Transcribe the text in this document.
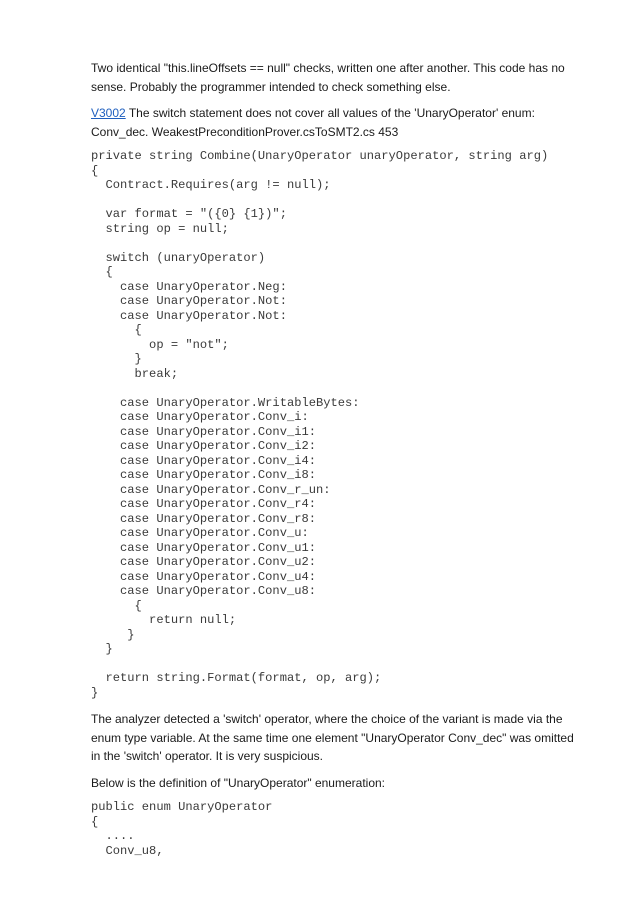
Two identical "this.lineOffsets == null" checks, written one after another. This code has no sense. Probably the programmer intended to check something else.

V3002 The switch statement does not cover all values of the 'UnaryOperator' enum: Conv_dec. WeakestPreconditionProver.csToSMT2.cs 453

private string Combine(UnaryOperator unaryOperator, string arg)
{
Contract.Requires(arg != null);
var format = "({0} {1})";
string op = null;
switch (unaryOperator)
{
case UnaryOperator.Neg:
case UnaryOperator.Not:
case UnaryOperator.Not:
{
op = "not";
}
break;
case UnaryOperator.WritableBytes:
case UnaryOperator.Conv_i:
case UnaryOperator.Conv_i1:
case UnaryOperator.Conv_i2:
case UnaryOperator.Conv_i4:
case UnaryOperator.Conv_i8:
case UnaryOperator.Conv_r_un:
case UnaryOperator.Conv_r4:
case UnaryOperator.Conv_r8:
case UnaryOperator.Conv_u:
case UnaryOperator.Conv_u1:
case UnaryOperator.Conv_u2:
case UnaryOperator.Conv_u4:
case UnaryOperator.Conv_u8:
{
return null;
}
}
return string.Format(format, op, arg);
}

The analyzer detected a 'switch' operator, where the choice of the variant is made via the enum type variable. At the same time one element "UnaryOperator Conv_dec" was omitted in the 'switch' operator. It is very suspicious.

Below is the definition of "UnaryOperator" enumeration:

public enum UnaryOperator
{
....
Conv_u8,
